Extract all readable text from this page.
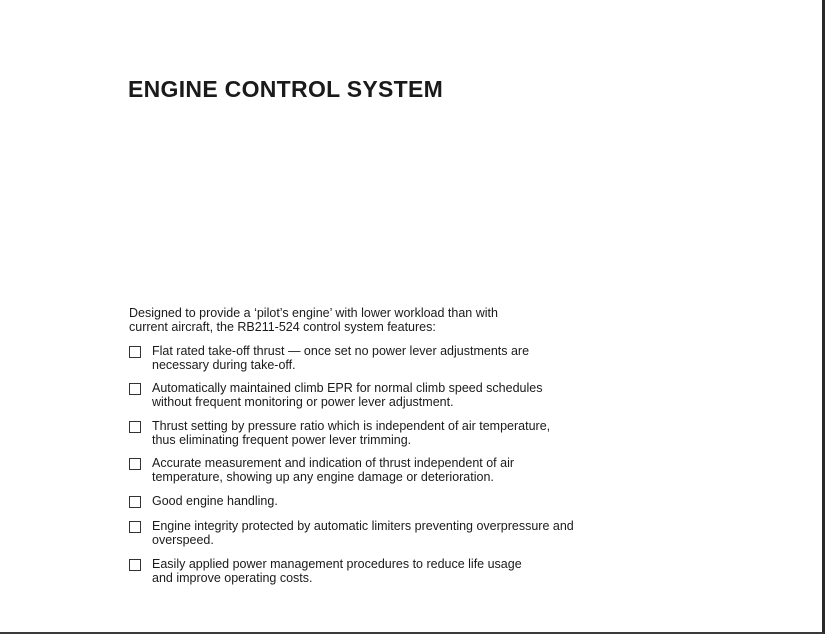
ENGINE CONTROL SYSTEM

Designed to provide a ‘pilot’s engine’ with lower workload than with
current aircraft, the RB211-524 control system features:

Flat rated take-off thrust — once set no power lever adjustments are
necessary during take-off.
Automatically maintained climb EPR for normal climb speed schedules
without frequent monitoring or power lever adjustment.
Thrust setting by pressure ratio which is independent of air temperature,
thus eliminating frequent power lever trimming.
Accurate measurement and indication of thrust independent of air
temperature, showing up any engine damage or deterioration.
Good engine handling.
Engine integrity protected by automatic limiters preventing overpressure and
overspeed.
Easily applied power management procedures to reduce life usage
and improve operating costs.
